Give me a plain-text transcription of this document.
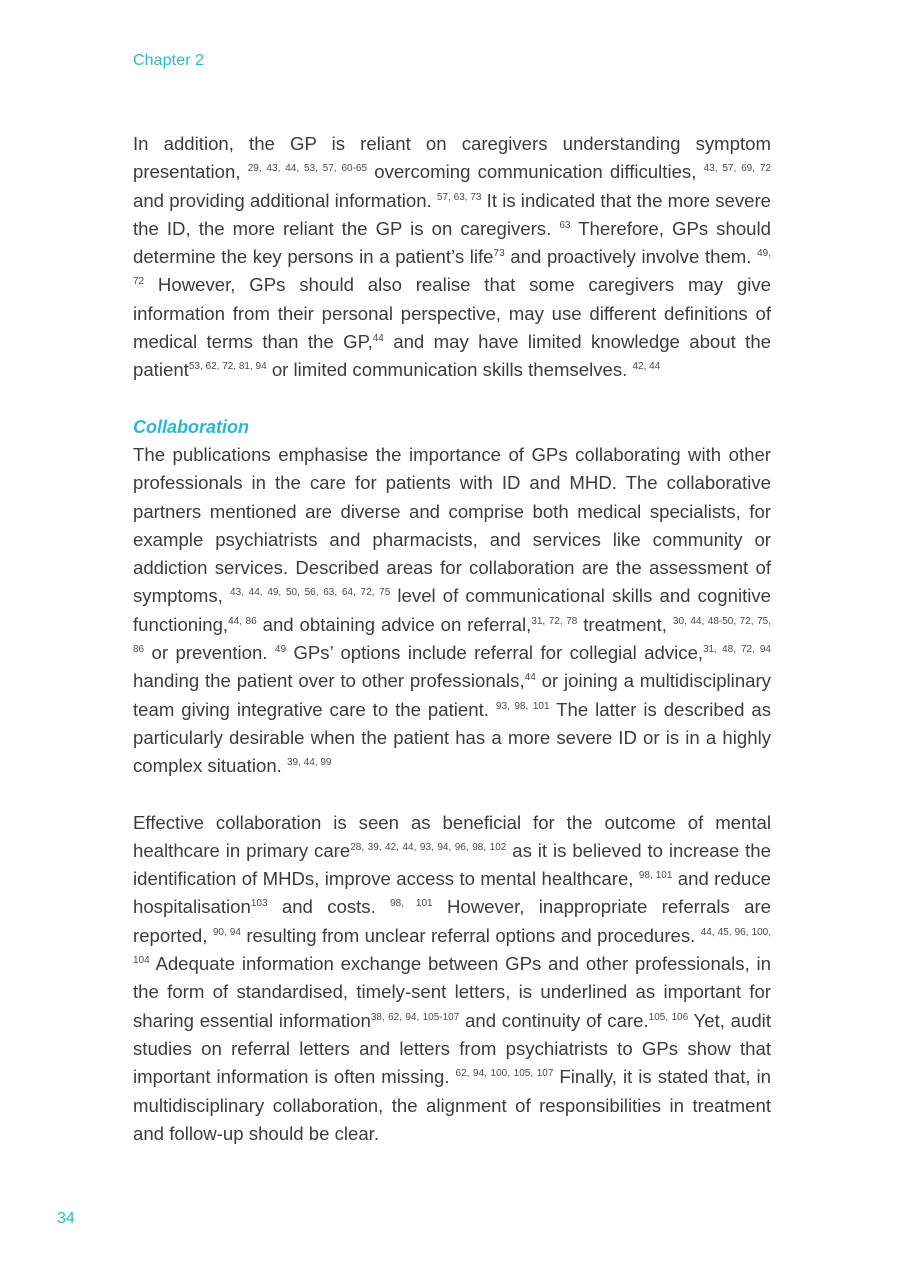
Chapter 2

In addition, the GP is reliant on caregivers understanding symptom presentation, $^{29, 43, 44, 53, 57, 60-65}$ overcoming communication difficulties, $^{43, 57, 69, 72}$ and providing additional information. $^{57, 63, 73}$ It is indicated that the more severe the ID, the more reliant the GP is on caregivers. $^{63}$ Therefore, GPs should determine the key persons in a patient’s life$^{73}$ and proactively involve them. $^{49, 72}$ However, GPs should also realise that some caregivers may give information from their personal perspective, may use different definitions of medical terms than the GP,$^{44}$ and may have limited knowledge about the patient$^{53, 62, 72, 81, 94}$ or limited communication skills themselves. $^{42, 44}$

Collaboration

The publications emphasise the importance of GPs collaborating with other professionals in the care for patients with ID and MHD. The collaborative partners mentioned are diverse and comprise both medical specialists, for example psychiatrists and pharmacists, and services like community or addiction services. Described areas for collaboration are the assessment of symptoms, $^{43, 44, 49, 50, 56, 63, 64, 72, 75}$ level of communicational skills and cognitive functioning,$^{44, 86}$ and obtaining advice on referral,$^{31, 72, 78}$ treatment, $^{30, 44, 48-50, 72, 75, 86}$ or prevention. $^{49}$ GPs’ options include referral for collegial advice,$^{31, 48, 72, 94}$ handing the patient over to other professionals,$^{44}$ or joining a multidisciplinary team giving integrative care to the patient. $^{93, 98, 101}$ The latter is described as particularly desirable when the patient has a more severe ID or is in a highly complex situation. $^{39, 44, 99}$

Effective collaboration is seen as beneficial for the outcome of mental healthcare in primary care$^{28, 39, 42, 44, 93, 94, 96, 98, 102}$ as it is believed to increase the identification of MHDs, improve access to mental healthcare, $^{98, 101}$ and reduce hospitalisation$^{103}$ and costs. $^{98, 101}$ However, inappropriate referrals are reported, $^{90, 94}$ resulting from unclear referral options and procedures. $^{44, 45, 96, 100, 104}$ Adequate information exchange between GPs and other professionals, in the form of standardised, timely-sent letters, is underlined as important for sharing essential information$^{38, 62, 94, 105-107}$ and continuity of care.$^{105, 106}$ Yet, audit studies on referral letters and letters from psychiatrists to GPs show that important information is often missing. $^{62, 94, 100, 105, 107}$ Finally, it is stated that, in multidisciplinary collaboration, the alignment of responsibilities in treatment and follow-up should be clear.

34
